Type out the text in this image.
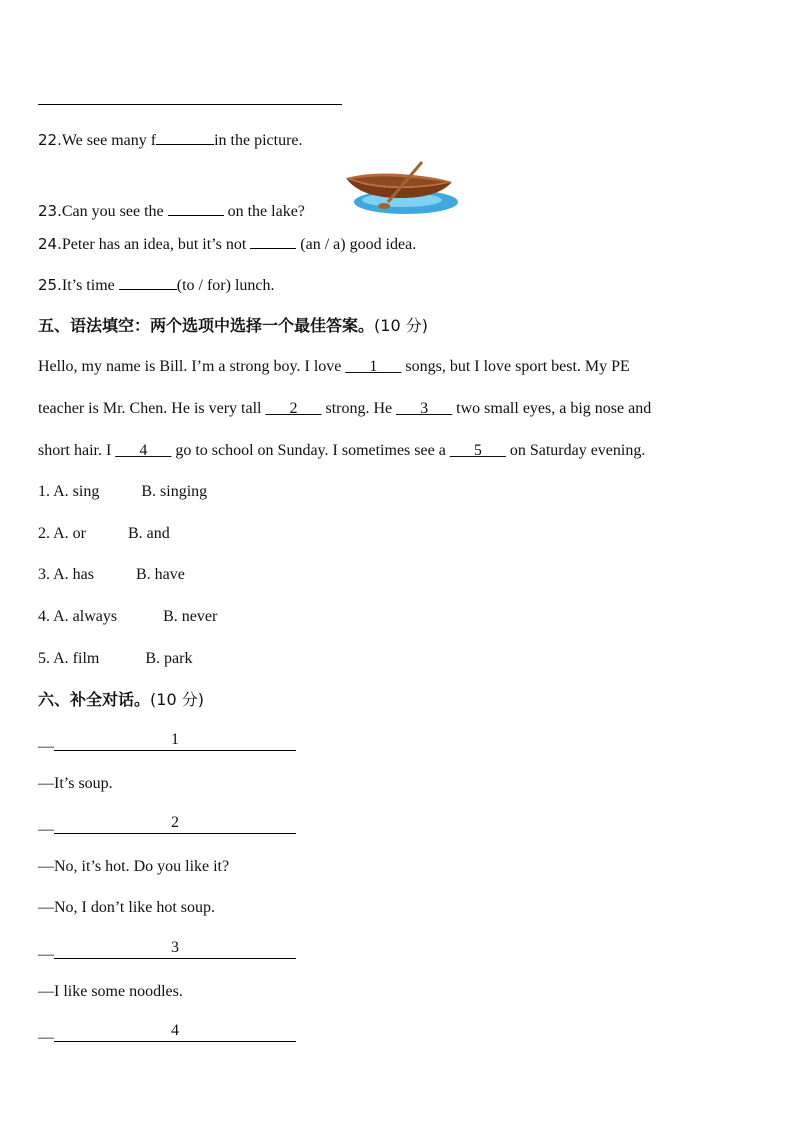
22.We see many f	in the picture.
23.Can you see the	on the lake?
24.Peter has an idea, but it’s not	(an / a) good idea.
25.It’s time	(to / for) lunch.
五、语法填空：两个选项中选择一个最佳答案。(10 分)
Hello, my name is Bill. I’m a strong boy. I love ___1___ songs, but I love sport best. My PE
teacher is Mr. Chen. He is very tall ___2___ strong. He ___3___ two small eyes, a big nose and
short hair. I ___4___ go to school on Sunday. I sometimes see a ___5___ on Saturday evening.
1. A. sing	B. singing
2. A. or	B. and
3. A. has	B. have
4. A. always	B. never
5. A. film	B. park
六、补全对话。(10 分)
—	1
—It’s soup.
—	2
—No, it’s hot. Do you like it?
—No, I don’t like hot soup.
—	3
—I like some noodles.
—	4
